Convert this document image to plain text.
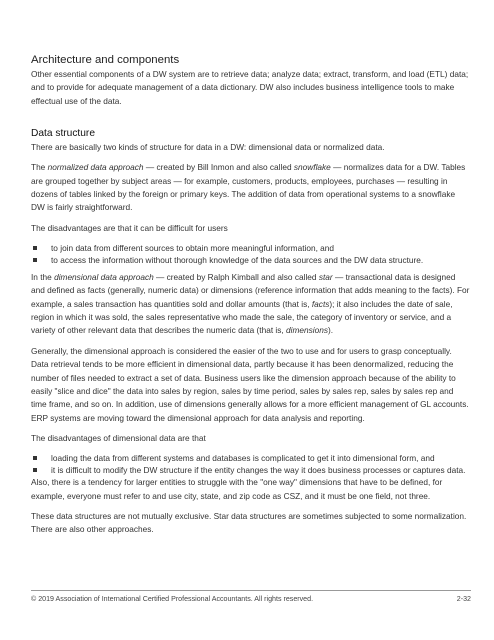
Architecture and components

Other essential components of a DW system are to retrieve data; analyze data; extract, transform, and load (ETL) data; and to provide for adequate management of a data dictionary. DW also includes business intelligence tools to make effectual use of the data.

Data structure

There are basically two kinds of structure for data in a DW: dimensional data or normalized data.

The normalized data approach — created by Bill Inmon and also called snowflake — normalizes data for a DW. Tables are grouped together by subject areas — for example, customers, products, employees, purchases — resulting in dozens of tables linked by the foreign or primary keys. The addition of data from operational systems to a snowflake DW is fairly straightforward.

The disadvantages are that it can be difficult for users

to join data from different sources to obtain more meaningful information, and
to access the information without thorough knowledge of the data sources and the DW data structure.

In the dimensional data approach — created by Ralph Kimball and also called star — transactional data is designed and defined as facts (generally, numeric data) or dimensions (reference information that adds meaning to the facts). For example, a sales transaction has quantities sold and dollar amounts (that is, facts); it also includes the date of sale, region in which it was sold, the sales representative who made the sale, the category of inventory or service, and a variety of other relevant data that describes the numeric data (that is, dimensions).

Generally, the dimensional approach is considered the easier of the two to use and for users to grasp conceptually. Data retrieval tends to be more efficient in dimensional data, partly because it has been denormalized, reducing the number of files needed to extract a set of data. Business users like the dimension approach because of the ability to easily "slice and dice" the data into sales by region, sales by time period, sales by sales rep, sales by sales rep and time frame, and so on. In addition, use of dimensions generally allows for a more efficient management of GL accounts. ERP systems are moving toward the dimensional approach for data analysis and reporting.

The disadvantages of dimensional data are that

loading the data from different systems and databases is complicated to get it into dimensional form, and
it is difficult to modify the DW structure if the entity changes the way it does business processes or captures data.

Also, there is a tendency for larger entities to struggle with the "one way" dimensions that have to be defined, for example, everyone must refer to and use city, state, and zip code as CSZ, and it must be one field, not three.

These data structures are not mutually exclusive. Star data structures are sometimes subjected to some normalization. There are also other approaches.

© 2019 Association of International Certified Professional Accountants. All rights reserved.	2-32
